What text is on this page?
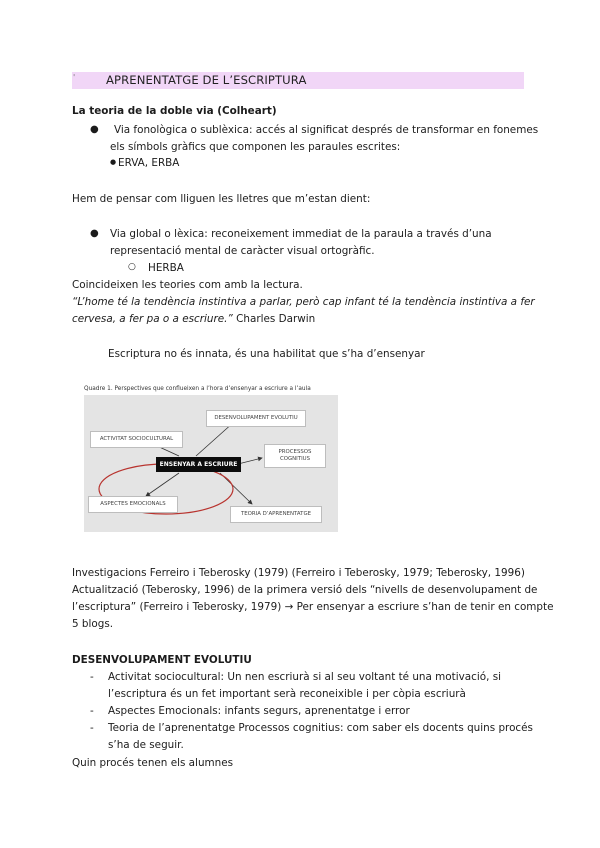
'	APRENENTATGE DE L’ESCRIPTURA
La teoria de la doble via (Colheart)
● Via fonològica o sublèxica: accés al significat després de transformar en fonemes
els símbols gràfics que componen les paraules escrites:
● ERVA, ERBA
Hem de pensar com lliguen les lletres que m’estan dient:
● Via global o lèxica: reconeixement immediat de la paraula a través d’una
representació mental de caràcter visual ortogràfic.
○ HERBA
Coincideixen les teories com amb la lectura.
“L’home té la tendència instintiva a parlar, però cap infant té la tendència instintiva a fer
cervesa, a fer pa o a escriure.” Charles Darwin
Escriptura no és innata, és una habilitat que s’ha d’ensenyar
Quadre 1. Perspectives que conflueixen a l’hora d’ensenyar a escriure a l’aula
DESENVOLUPAMENT EVOLUTIU
ACTIVITAT SOCIOCULTURAL
PROCESSOS
COGNITIUS
ENSENYAR A ESCRIURE
ASPECTES EMOCIONALS
TEORIA D’APRENENTATGE
Investigacions Ferreiro i Teberosky (1979) (Ferreiro i Teberosky, 1979; Teberosky, 1996)
Actualització (Teberosky, 1996) de la primera versió dels “nivells de desenvolupament de
l’escriptura” (Ferreiro i Teberosky, 1979) → Per ensenyar a escriure s’han de tenir en compte
5 blogs.
DESENVOLUPAMENT EVOLUTIU
- Activitat sociocultural: Un nen escriurà si al seu voltant té una motivació, si
l’escriptura és un fet important serà reconeixible i per còpia escriurà
- Aspectes Emocionals: infants segurs, aprenentatge i error
- Teoria de l’aprenentatge Processos cognitius: com saber els docents quins procés
s’ha de seguir.
Quin procés tenen els alumnes
